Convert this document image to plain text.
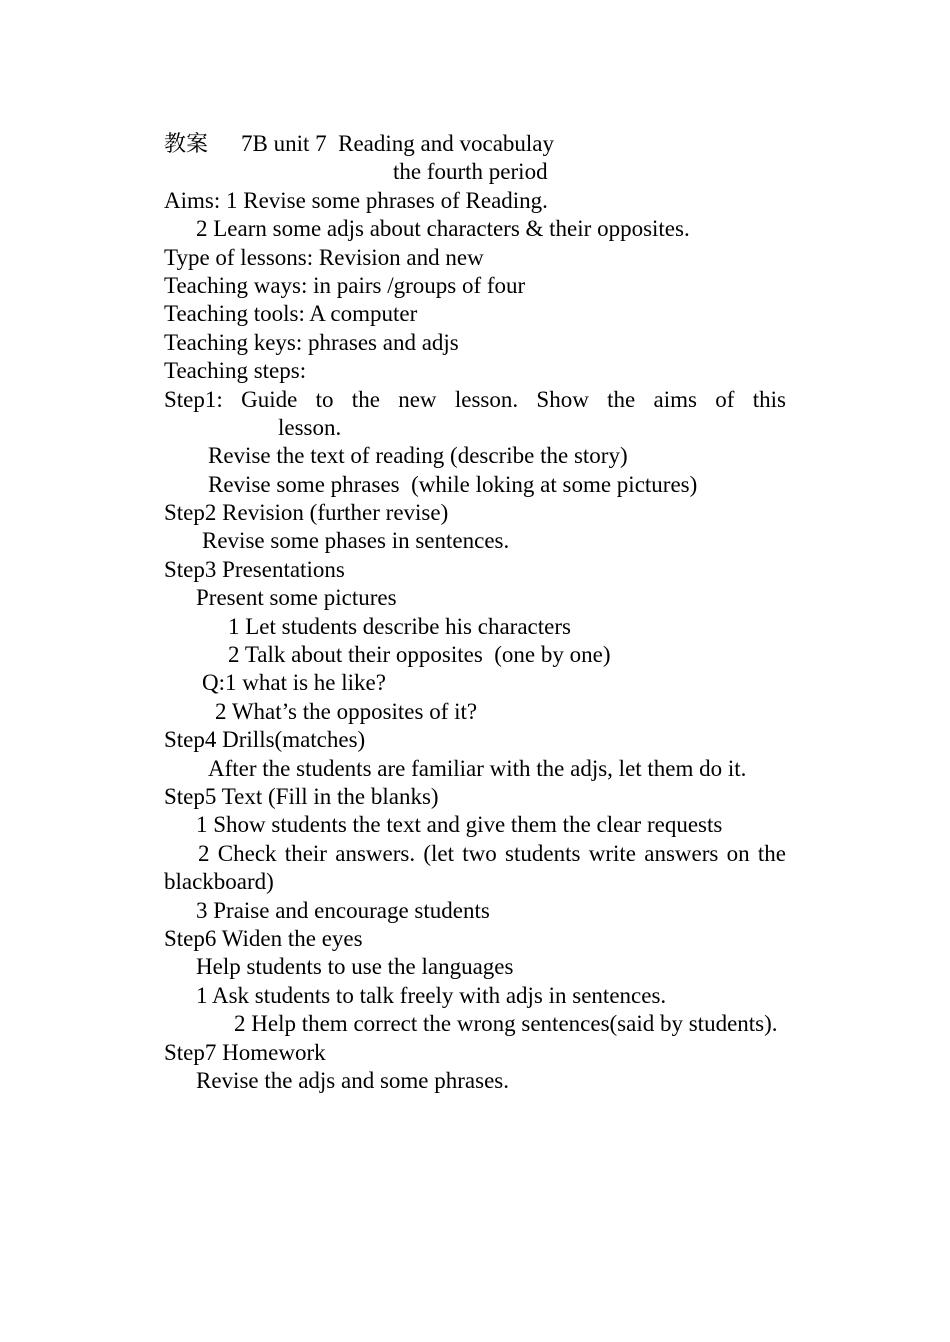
教案 7B unit 7  Reading and vocabulay
the fourth period
Aims: 1 Revise some phrases of Reading.
2 Learn some adjs about characters & their opposites.
Type of lessons: Revision and new
Teaching ways: in pairs /groups of four
Teaching tools: A computer
Teaching keys: phrases and adjs
Teaching steps:
Step1: Guide to the new lesson. Show the aims of this
lesson.
Revise the text of reading (describe the story)
Revise some phrases  (while loking at some pictures)
Step2 Revision (further revise)
Revise some phases in sentences.
Step3 Presentations
Present some pictures
1 Let students describe his characters
2 Talk about their opposites  (one by one)
Q:1 what is he like?
2 What’s the opposites of it?
Step4 Drills(matches)
After the students are familiar with the adjs, let them do it.
Step5 Text (Fill in the blanks)
1 Show students the text and give them the clear requests
2 Check their answers. (let two students write answers on the blackboard)
3 Praise and encourage students
Step6 Widen the eyes
Help students to use the languages
1 Ask students to talk freely with adjs in sentences.
2 Help them correct the wrong sentences(said by students).
Step7 Homework
Revise the adjs and some phrases.
